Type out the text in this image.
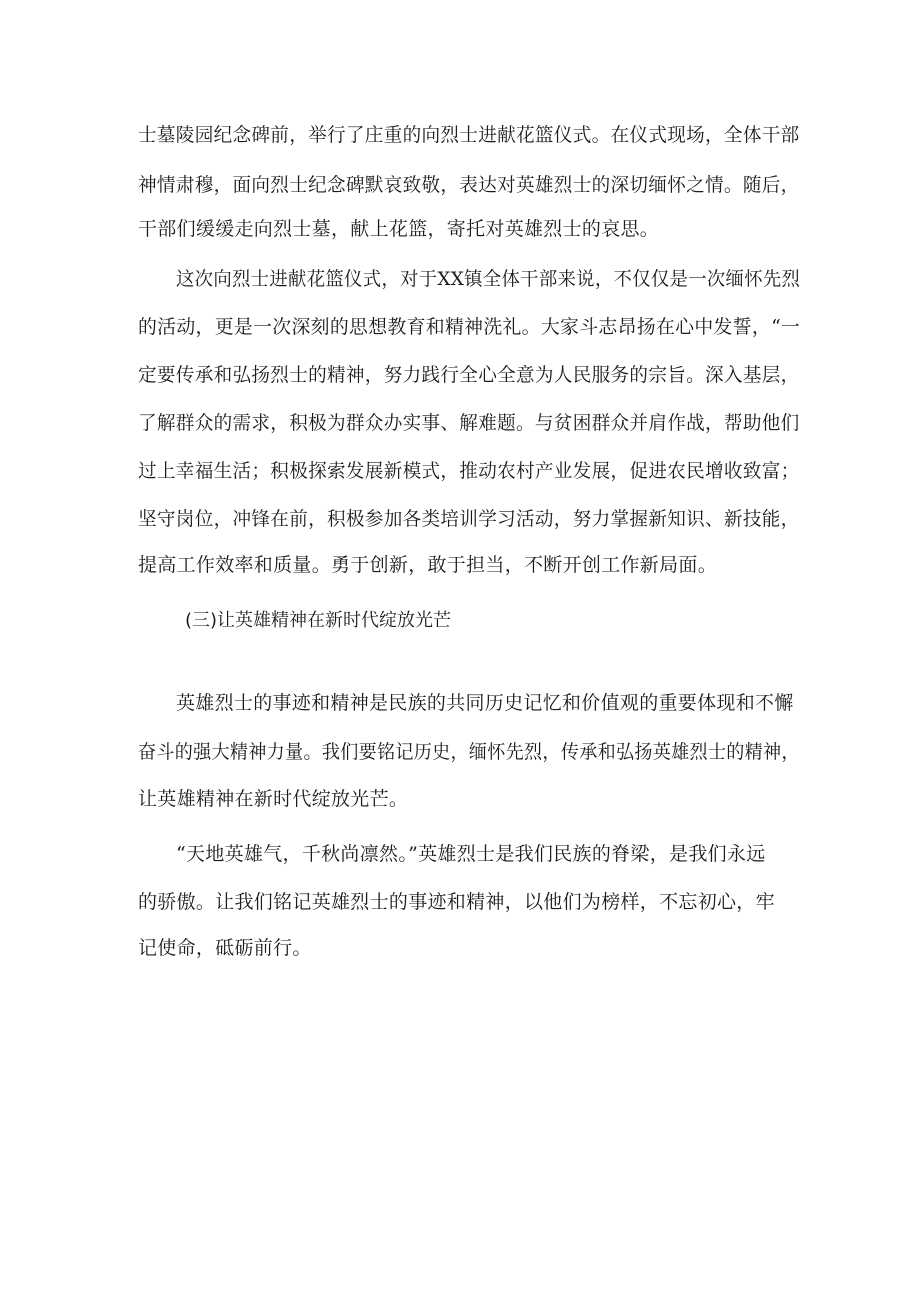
士墓陵园纪念碑前，举行了庄重的向烈士进献花篮仪式。在仪式现场，全体干部
神情肃穆，面向烈士纪念碑默哀致敬，表达对英雄烈士的深切缅怀之情。随后，
干部们缓缓走向烈士墓，献上花篮，寄托对英雄烈士的哀思。
这次向烈士进献花篮仪式，对于XX镇全体干部来说，不仅仅是一次缅怀先烈
的活动，更是一次深刻的思想教育和精神洗礼。大家斗志昂扬在心中发誓，“一
定要传承和弘扬烈士的精神，努力践行全心全意为人民服务的宗旨。深入基层，
了解群众的需求，积极为群众办实事、解难题。与贫困群众并肩作战，帮助他们
过上幸福生活；积极探索发展新模式，推动农村产业发展，促进农民增收致富；
坚守岗位，冲锋在前，积极参加各类培训学习活动，努力掌握新知识、新技能，
提高工作效率和质量。勇于创新，敢于担当，不断开创工作新局面。
(三)让英雄精神在新时代绽放光芒
英雄烈士的事迹和精神是民族的共同历史记忆和价值观的重要体现和不懈
奋斗的强大精神力量。我们要铭记历史，缅怀先烈，传承和弘扬英雄烈士的精神，
让英雄精神在新时代绽放光芒。
“天地英雄气，千秋尚凛然。”英雄烈士是我们民族的脊梁，是我们永远
的骄傲。让我们铭记英雄烈士的事迹和精神，以他们为榜样，不忘初心，牢
记使命，砥砺前行。
